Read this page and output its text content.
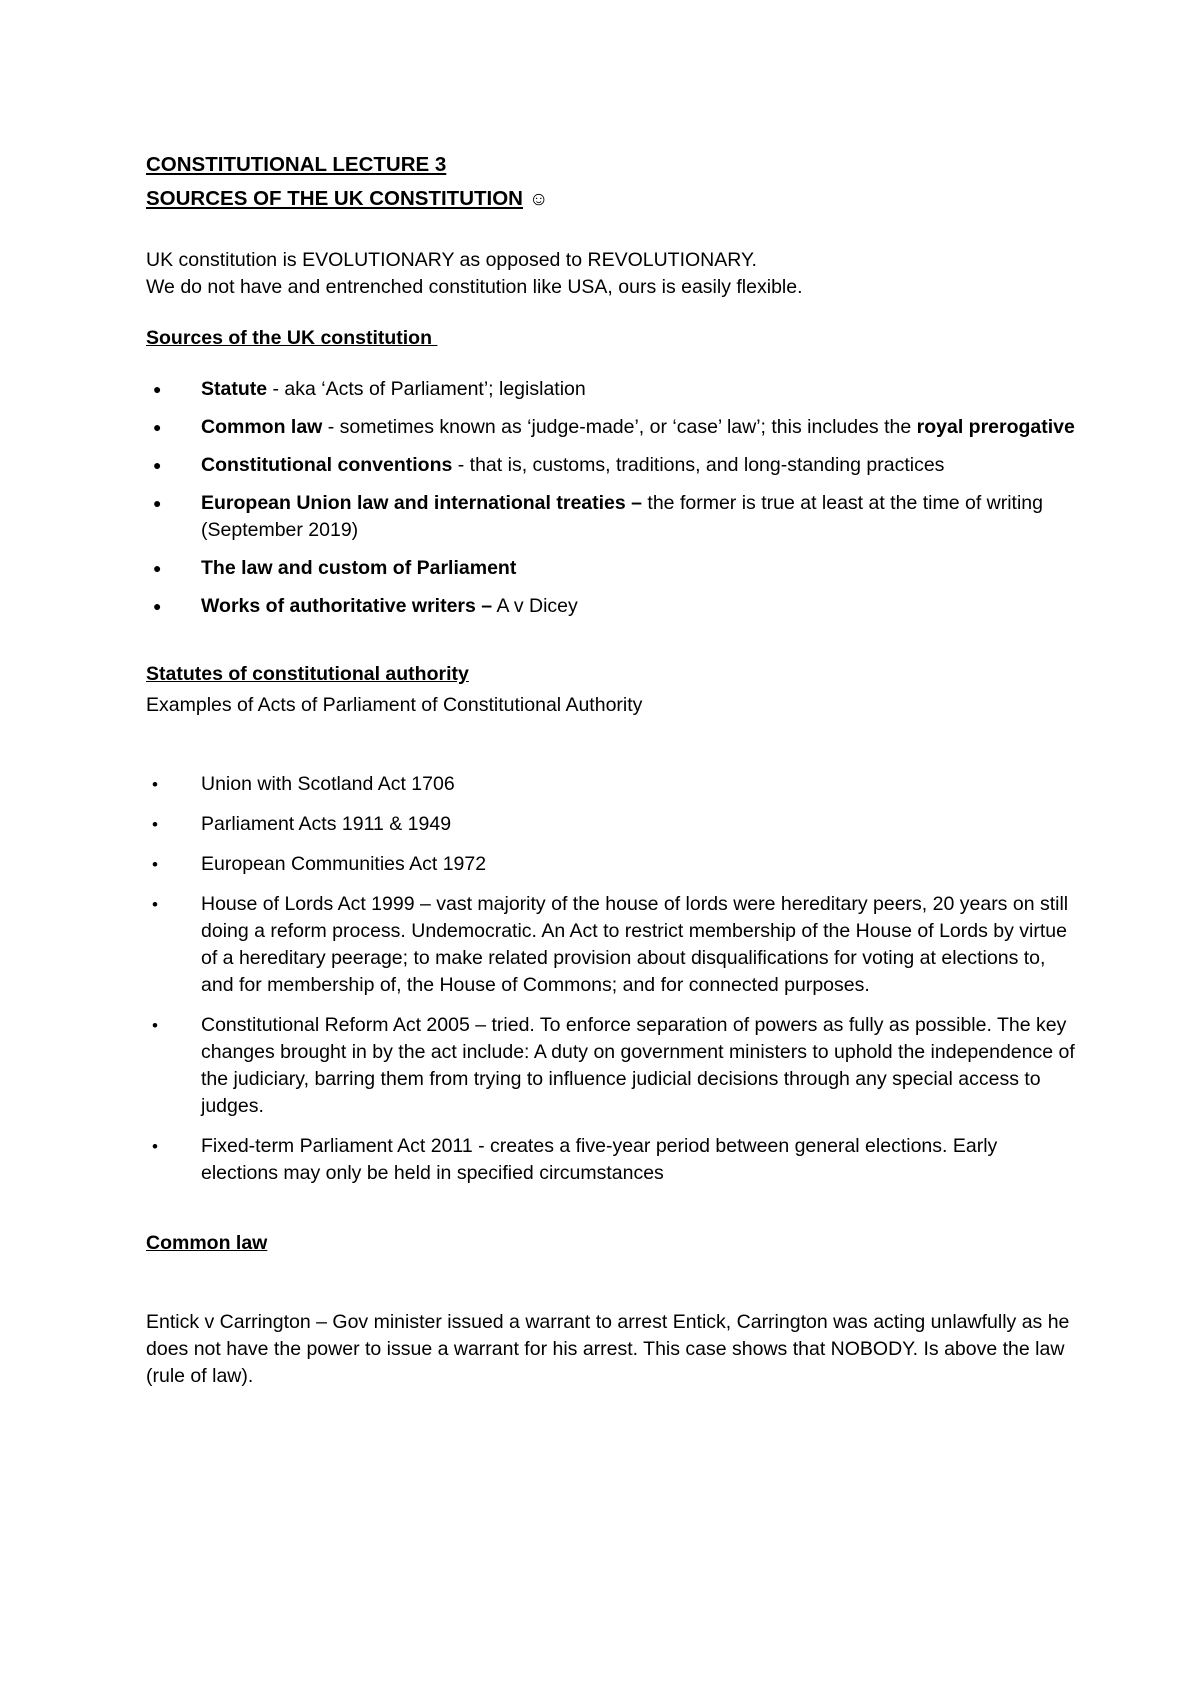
CONSTITUTIONAL LECTURE 3

SOURCES OF THE UK CONSTITUTION ☺

UK constitution is EVOLUTIONARY as opposed to REVOLUTIONARY.

We do not have and entrenched constitution like USA, ours is easily flexible.

Sources of the UK constitution

● Statute - aka ‘Acts of Parliament’; legislation
● Common law - sometimes known as ‘judge-made’, or ‘case’ law’; this includes the royal prerogative
● Constitutional conventions - that is, customs, traditions, and long-standing practices
● European Union law and international treaties – the former is true at least at the time of writing (September 2019)
● The law and custom of Parliament
● Works of authoritative writers – A v Dicey

Statutes of constitutional authority

Examples of Acts of Parliament of Constitutional Authority

• Union with Scotland Act 1706
• Parliament Acts 1911 & 1949
• European Communities Act 1972
• House of Lords Act 1999 – vast majority of the house of lords were hereditary peers, 20 years on still doing a reform process. Undemocratic. An Act to restrict membership of the House of Lords by virtue of a hereditary peerage; to make related provision about disqualifications for voting at elections to, and for membership of, the House of Commons; and for connected purposes.
• Constitutional Reform Act 2005 – tried. To enforce separation of powers as fully as possible. The key changes brought in by the act include: A duty on government ministers to uphold the independence of the judiciary, barring them from trying to influence judicial decisions through any special access to judges.
• Fixed-term Parliament Act 2011 - creates a five-year period between general elections. Early elections may only be held in specified circumstances

Common law

Entick v Carrington – Gov minister issued a warrant to arrest Entick, Carrington was acting unlawfully as he does not have the power to issue a warrant for his arrest. This case shows that NOBODY. Is above the law (rule of law).
